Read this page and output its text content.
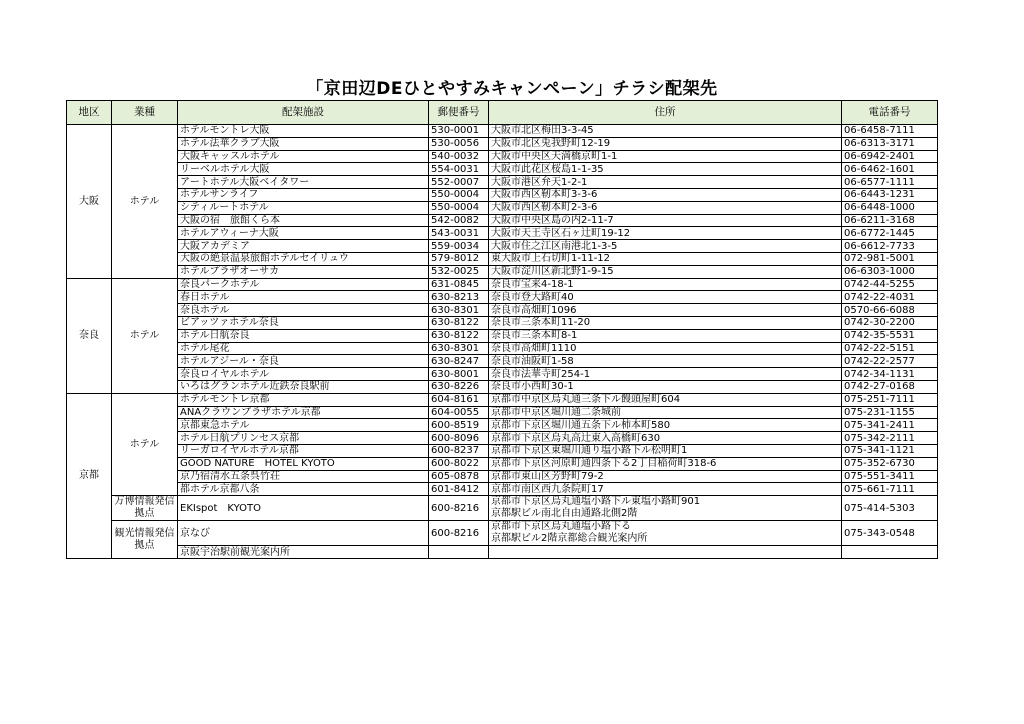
「京田辺DEひとやすみキャンペーン」チラシ配架先
地区	業種	配架施設	郵便番号	住所	電話番号
大阪	ホテル	ホテルモントレ大阪	530-0001	大阪市北区梅田3-3-45	06-6458-7111
		ホテル法華クラブ大阪	530-0056	大阪市北区兎我野町12-19	06-6313-3171
		大阪キャッスルホテル	540-0032	大阪市中央区天満橋京町1-1	06-6942-2401
		リーベルホテル大阪	554-0031	大阪市此花区桜島1-1-35	06-6462-1601
		アートホテル大阪ベイタワー	552-0007	大阪市港区弁天1-2-1	06-6577-1111
		ホテルサンライフ	550-0004	大阪市西区靭本町3-3-6	06-6443-1231
		シティルートホテル	550-0004	大阪市西区靭本町2-3-6	06-6448-1000
		大阪の宿　旅館くら本	542-0082	大阪市中央区島の内2-11-7	06-6211-3168
		ホテルアウィーナ大阪	543-0031	大阪市天王寺区石ヶ辻町19-12	06-6772-1445
		大阪アカデミア	559-0034	大阪市住之江区南港北1-3-5	06-6612-7733
		大阪の絶景温泉旅館ホテルセイリュウ	579-8012	東大阪市上石切町1-11-12	072-981-5001
		ホテルプラザオーサカ	532-0025	大阪市淀川区新北野1-9-15	06-6303-1000
奈良	ホテル	奈良パークホテル	631-0845	奈良市宝来4-18-1	0742-44-5255
		春日ホテル	630-8213	奈良市登大路町40	0742-22-4031
		奈良ホテル	630-8301	奈良市高畑町1096	0570-66-6088
		ビアッツァホテル奈良	630-8122	奈良市三条本町11-20	0742-30-2200
		ホテル日航奈良	630-8122	奈良市三条本町8-1	0742-35-5531
		ホテル尾花	630-8301	奈良市高畑町1110	0742-22-5151
		ホテルアジール・奈良	630-8247	奈良市油阪町1-58	0742-22-2577
		奈良ロイヤルホテル	630-8001	奈良市法華寺町254-1	0742-34-1131
		いろはグランホテル近鉄奈良駅前	630-8226	奈良市小西町30-1	0742-27-0168
京都	ホテル	ホテルモントレ京都	604-8161	京都市中京区烏丸通三条下ル饅頭屋町604	075-251-7111
		ANAクラウンプラザホテル京都	604-0055	京都市中京区堀川通二条城前	075-231-1155
		京都東急ホテル	600-8519	京都市下京区堀川通五条下ル柿本町580	075-341-2411
		ホテル日航プリンセス京都	600-8096	京都市下京区烏丸高辻東入高橋町630	075-342-2111
		リーガロイヤルホテル京都	600-8237	京都市下京区東堀川通り塩小路下ル松明町1	075-341-1121
		GOOD NATURE　HOTEL KYOTO	600-8022	京都市下京区河原町通四条下る2丁目稲荷町318-6	075-352-6730
		京乃宿清水五条呉竹荘	605-0878	京都市東山区芳野町79-2	075-551-3411
		都ホテル京都八条	601-8412	京都市南区西九条院町17	075-661-7111
	万博情報発信拠点	EKIspot　KYOTO	600-8216	京都市下京区烏丸通塩小路下ル東塩小路町901
京都駅ビル南北自由通路北側2階	075-414-5303
	観光情報発信拠点	京なび	600-8216	京都市下京区烏丸通塩小路下る
京都駅ビル2階京都総合観光案内所	075-343-0548
		京阪宇治駅前観光案内所			
